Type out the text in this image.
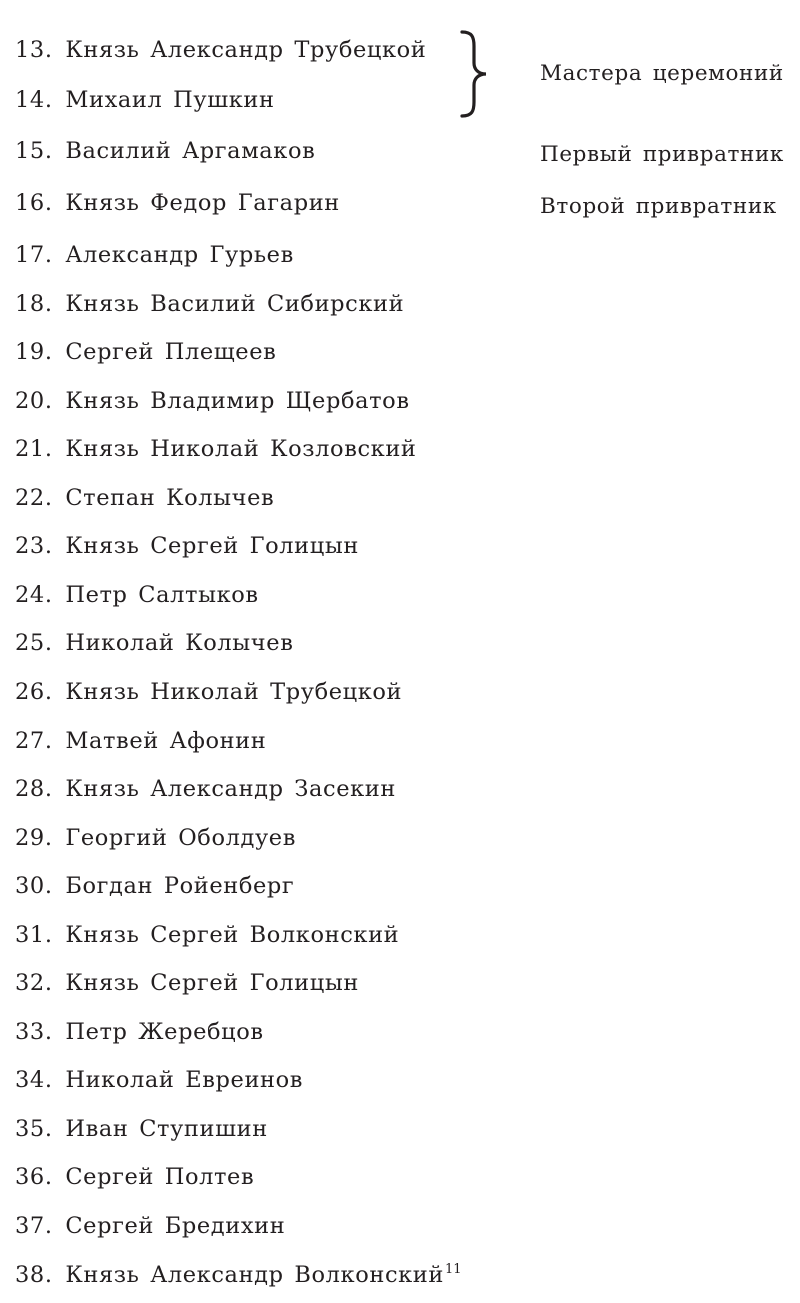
13. Князь Александр Трубецкой
14. Михаил Пушкин
15. Василий Аргамаков
16. Князь Федор Гагарин
17. Александр Гурьев
18. Князь Василий Сибирский
19. Сергей Плещеев
20. Князь Владимир Щербатов
21. Князь Николай Козловский
22. Степан Колычев
23. Князь Сергей Голицын
24. Петр Салтыков
25. Николай Колычев
26. Князь Николай Трубецкой
27. Матвей Афонин
28. Князь Александр Засекин
29. Георгий Оболдуев
30. Богдан Ройенберг
31. Князь Сергей Волконский
32. Князь Сергей Голицын
33. Петр Жеребцов
34. Николай Евреинов
35. Иван Ступишин
36. Сергей Полтев
37. Сергей Бредихин
38. Князь Александр Волконский$^{11}$
Мастера церемоний
Первый привратник
Второй привратник
